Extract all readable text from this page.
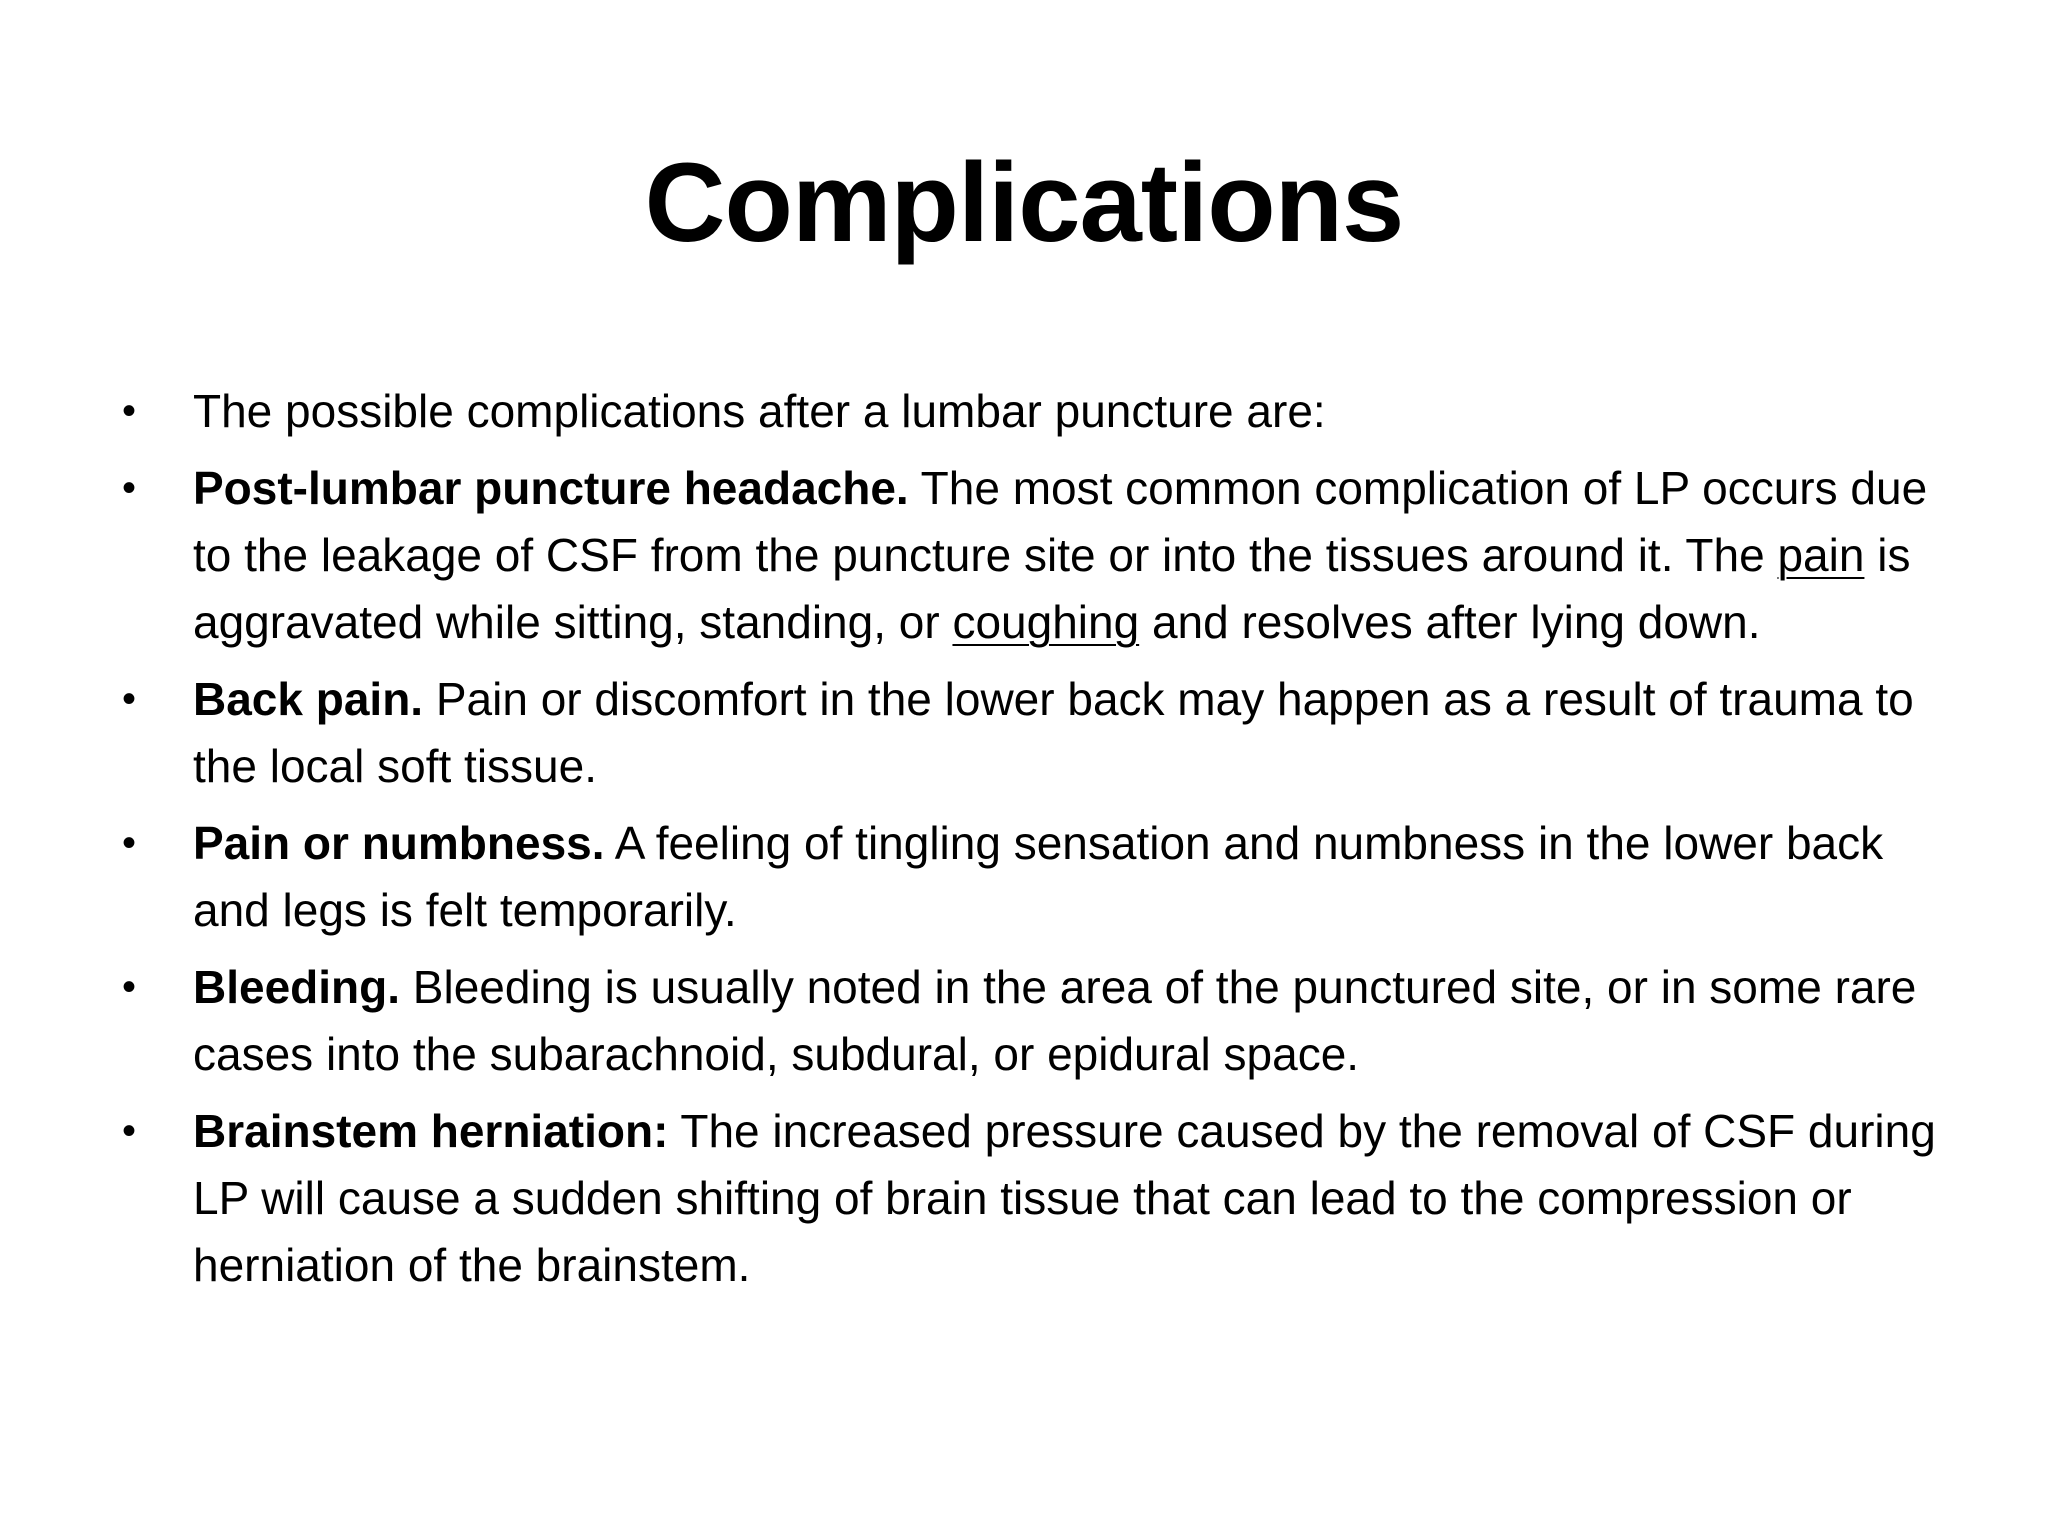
Complications
• The possible complications after a lumbar puncture are:
• Post-lumbar puncture headache. The most common complication of LP occurs due to the leakage of CSF from the puncture site or into the tissues around it. The pain is aggravated while sitting, standing, or coughing and resolves after lying down.
• Back pain. Pain or discomfort in the lower back may happen as a result of trauma to the local soft tissue.
• Pain or numbness. A feeling of tingling sensation and numbness in the lower back and legs is felt temporarily.
• Bleeding. Bleeding is usually noted in the area of the punctured site, or in some rare cases into the subarachnoid, subdural, or epidural space.
• Brainstem herniation: The increased pressure caused by the removal of CSF during LP will cause a sudden shifting of brain tissue that can lead to the compression or herniation of the brainstem.
